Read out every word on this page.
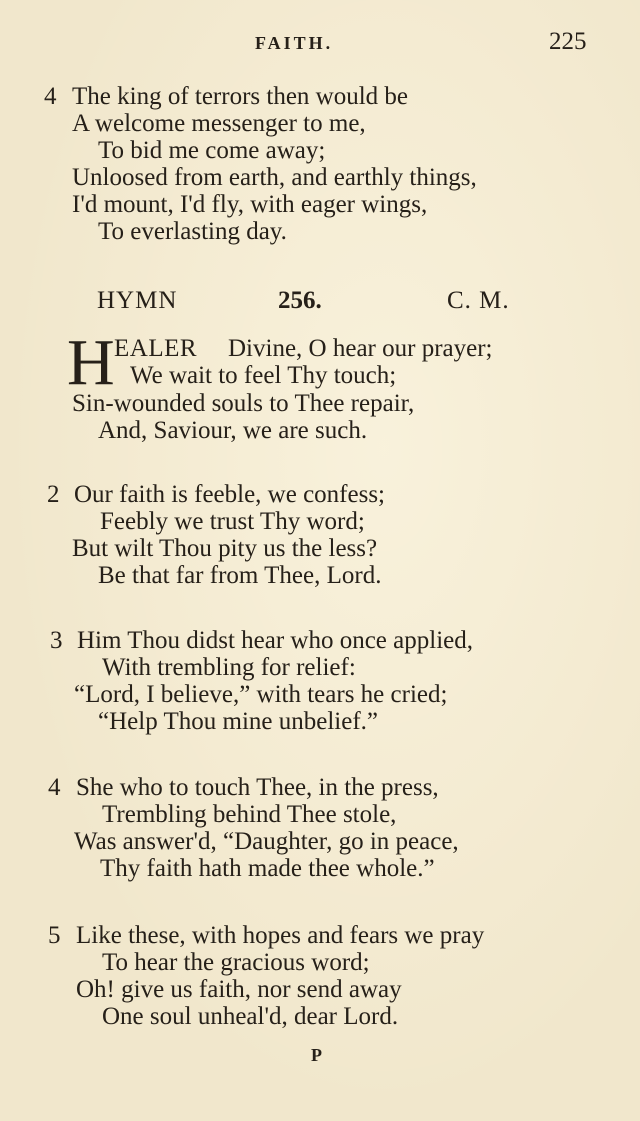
FAITH.	225
4 The king of terrors then would be
A welcome messenger to me,
To bid me come away;
Unloosed from earth, and earthly things,
I'd mount, I'd fly, with eager wings,
To everlasting day.
HYMN	256.	C. M.
H EALER Divine, O hear our prayer;
We wait to feel Thy touch;
Sin-wounded souls to Thee repair,
And, Saviour, we are such.
2 Our faith is feeble, we confess;
Feebly we trust Thy word;
But wilt Thou pity us the less?
Be that far from Thee, Lord.
3 Him Thou didst hear who once applied,
With trembling for relief:
“Lord, I believe,” with tears he cried;
“Help Thou mine unbelief.”
4 She who to touch Thee, in the press,
Trembling behind Thee stole,
Was answer'd, “Daughter, go in peace,
Thy faith hath made thee whole.”
5 Like these, with hopes and fears we pray
To hear the gracious word;
Oh! give us faith, nor send away
One soul unheal'd, dear Lord.
P
